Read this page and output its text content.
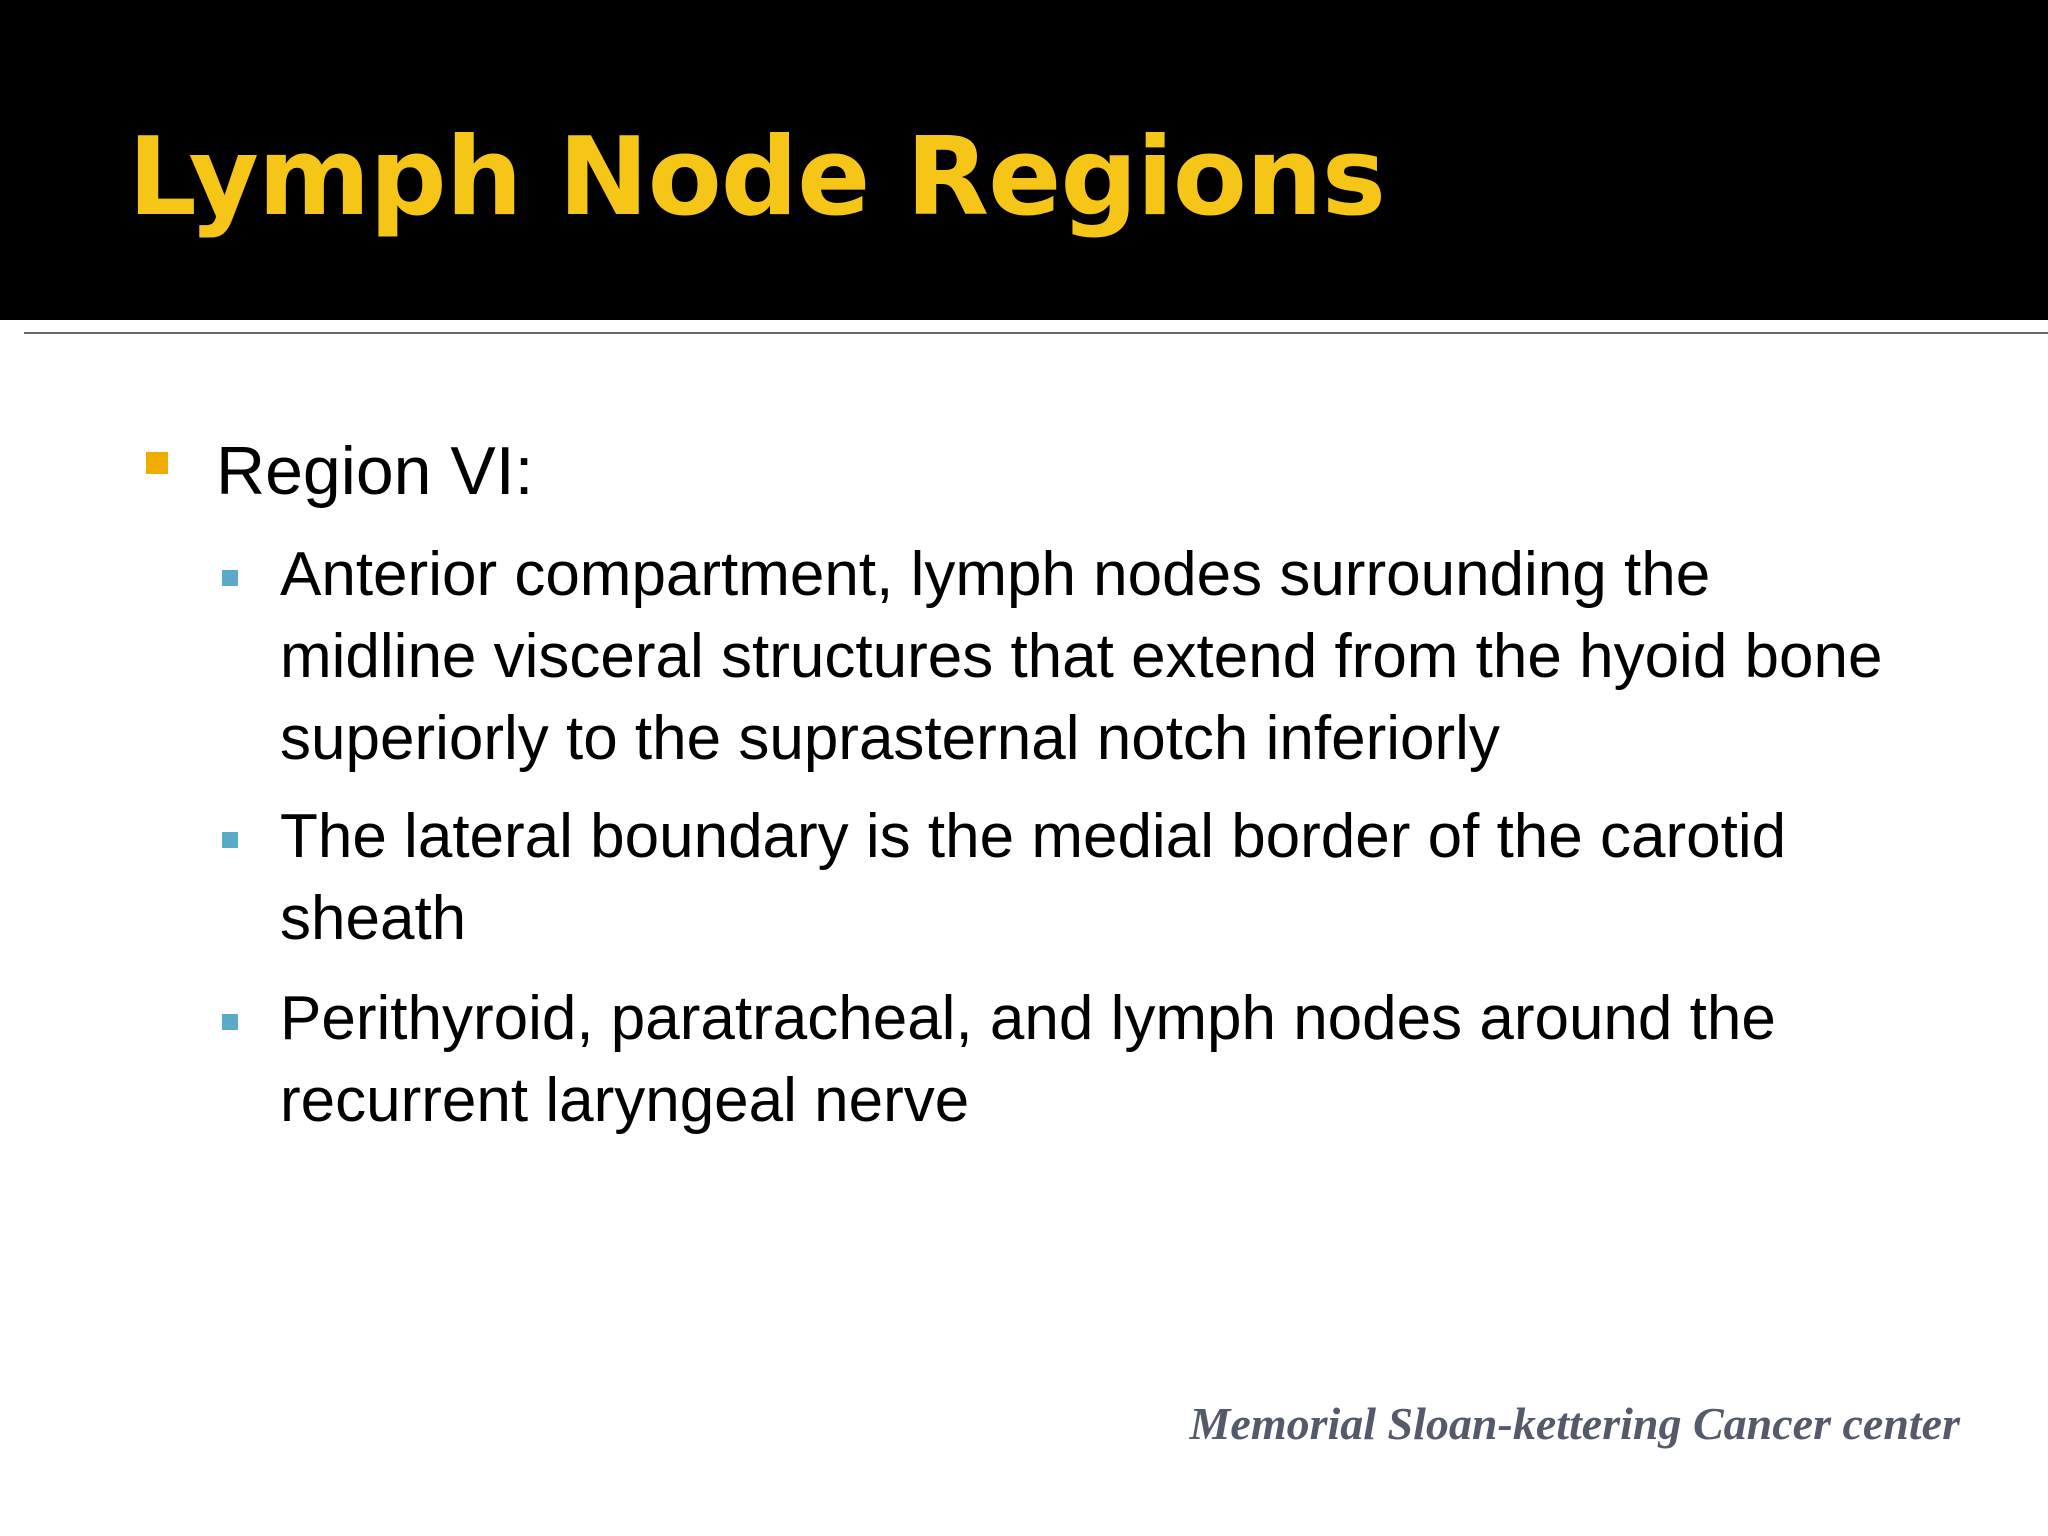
Lymph Node Regions
Region VI:
Anterior compartment, lymph nodes surrounding the midline visceral structures that extend from the hyoid bone superiorly to the suprasternal notch inferiorly
The lateral boundary is the medial border of the carotid sheath
Perithyroid, paratracheal, and lymph nodes around the recurrent laryngeal nerve
Memorial Sloan-kettering Cancer center
